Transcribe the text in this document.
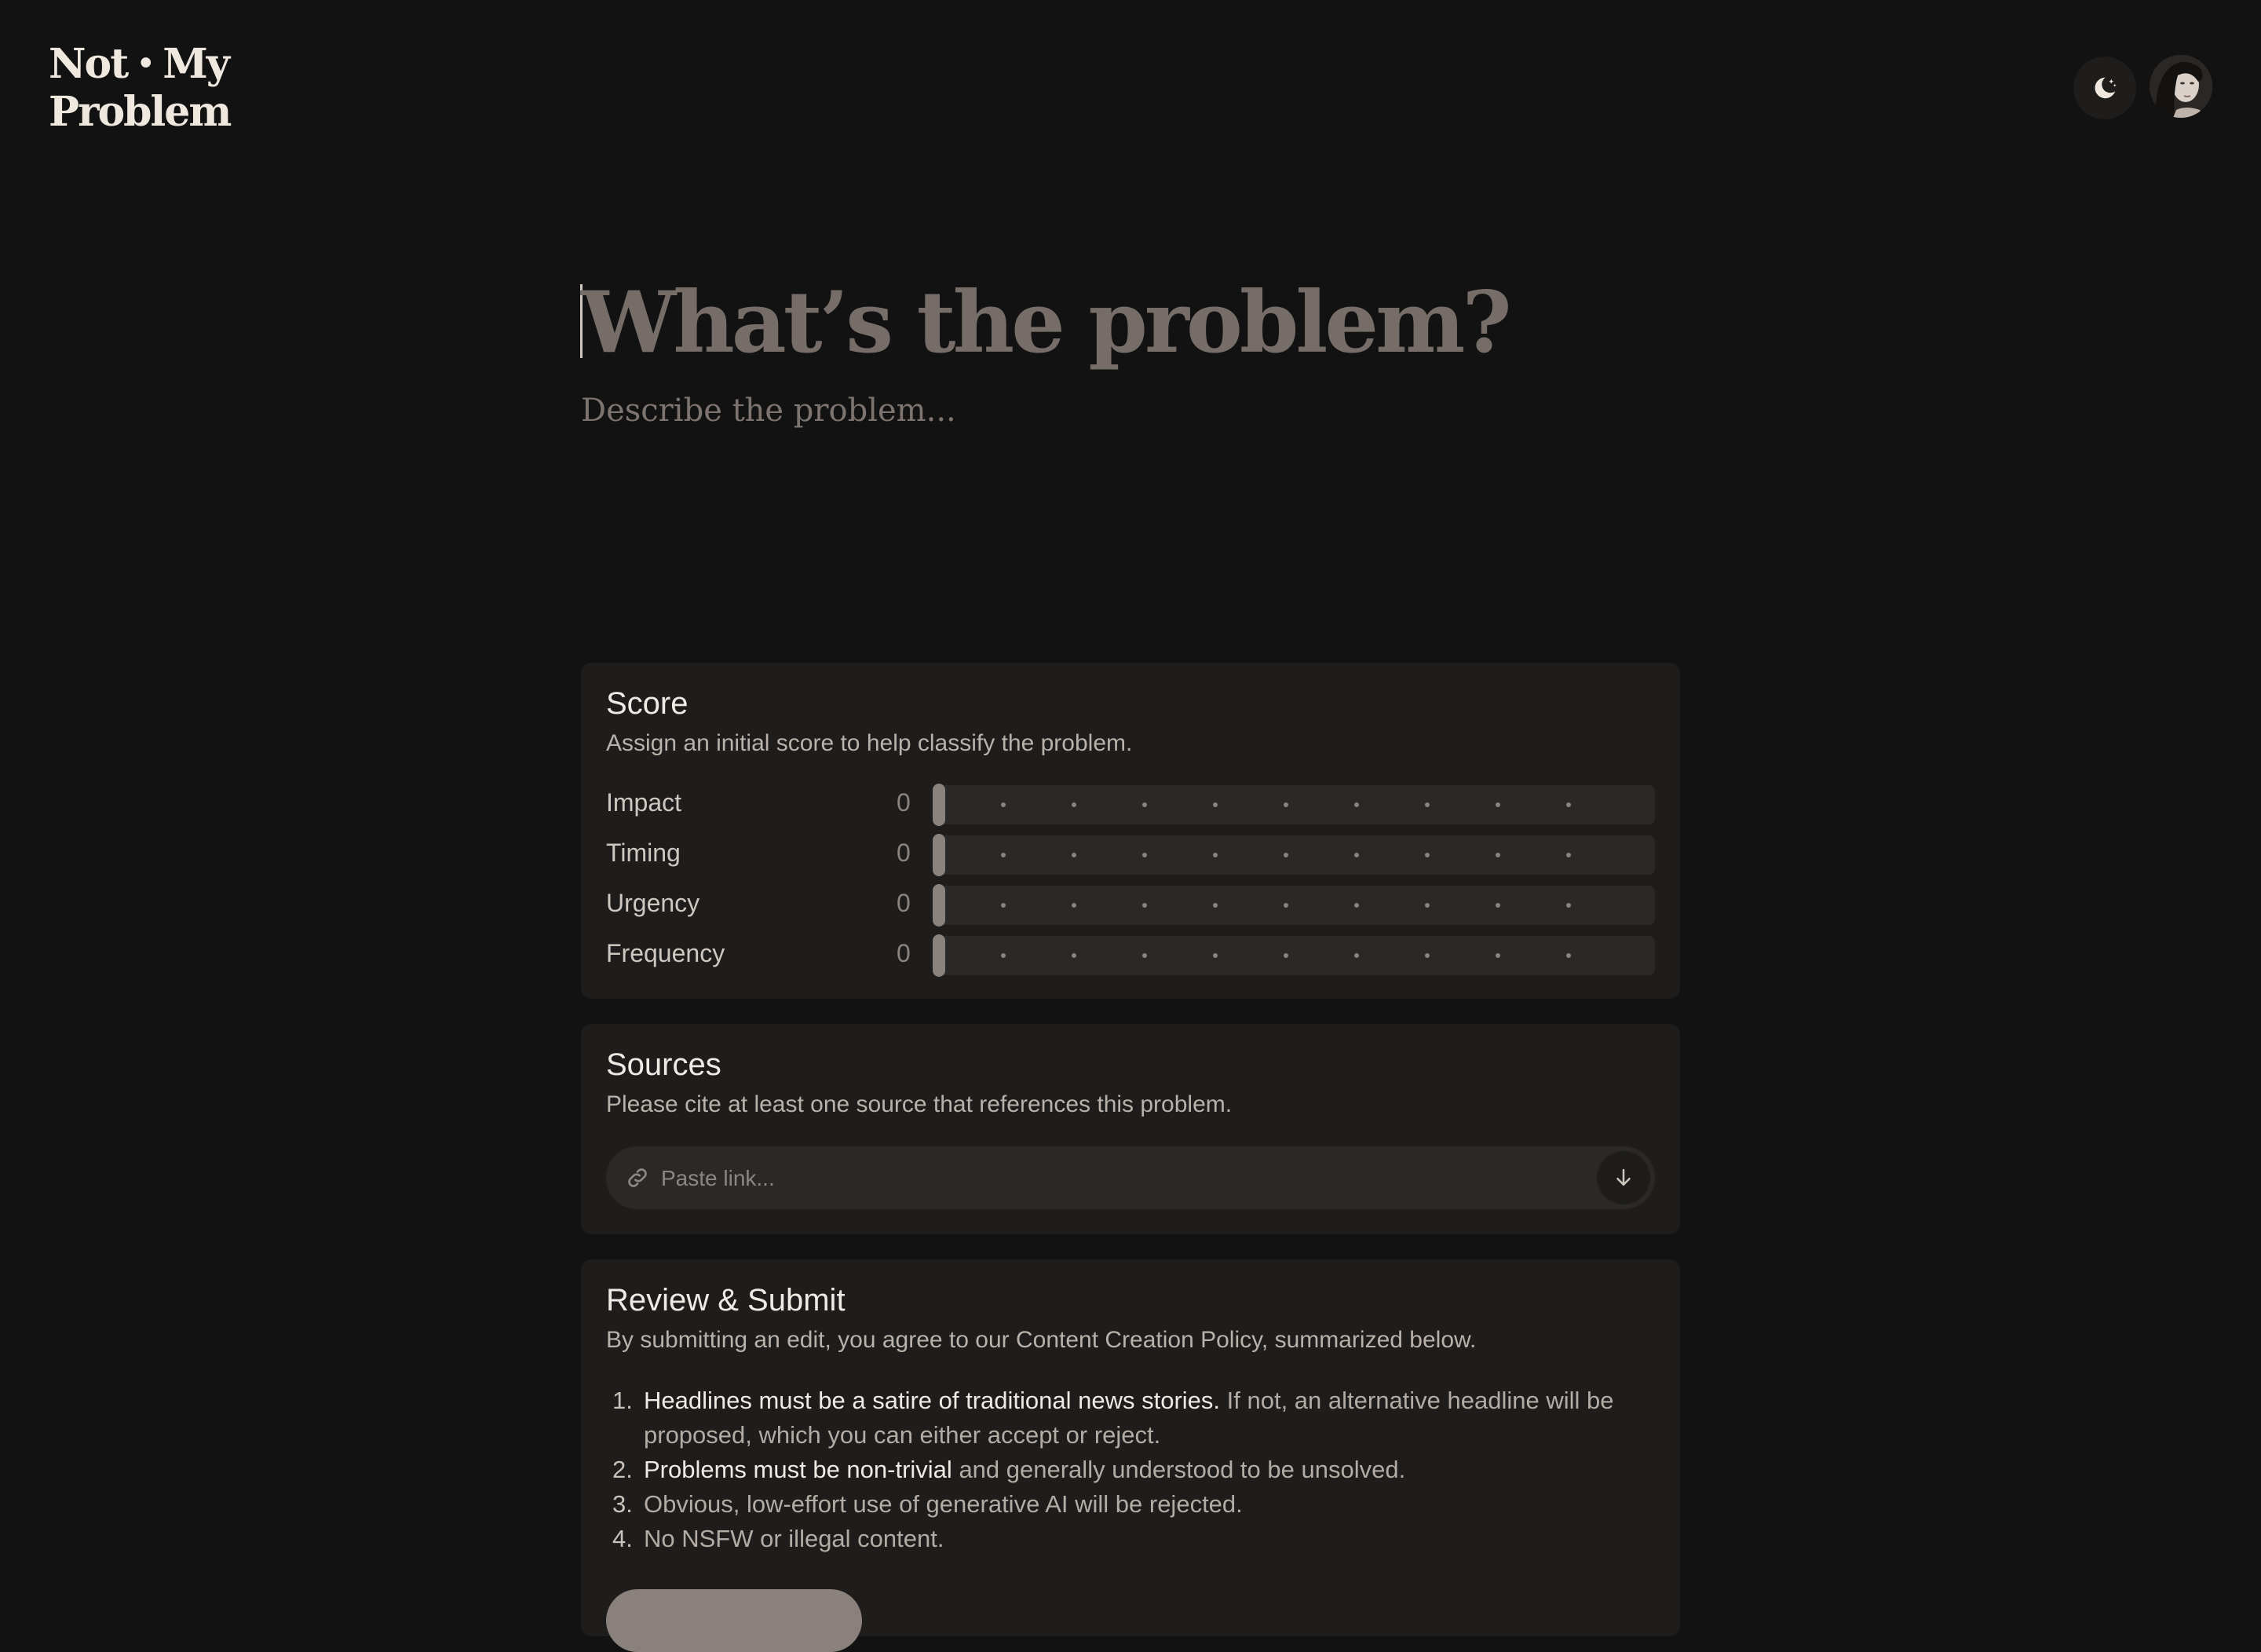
Not • My
Problem
What’s the problem?
Describe the problem...
Score
Assign an initial score to help classify the problem.
Impact	0
Timing	0
Urgency	0
Frequency	0
Sources
Please cite at least one source that references this problem.
Paste link...
Review & Submit
By submitting an edit, you agree to our Content Creation Policy, summarized below.
1. Headlines must be a satire of traditional news stories. If not, an alternative headline will be proposed, which you can either accept or reject.
2. Problems must be non-trivial and generally understood to be unsolved.
3. Obvious, low-effort use of generative AI will be rejected.
4. No NSFW or illegal content.
